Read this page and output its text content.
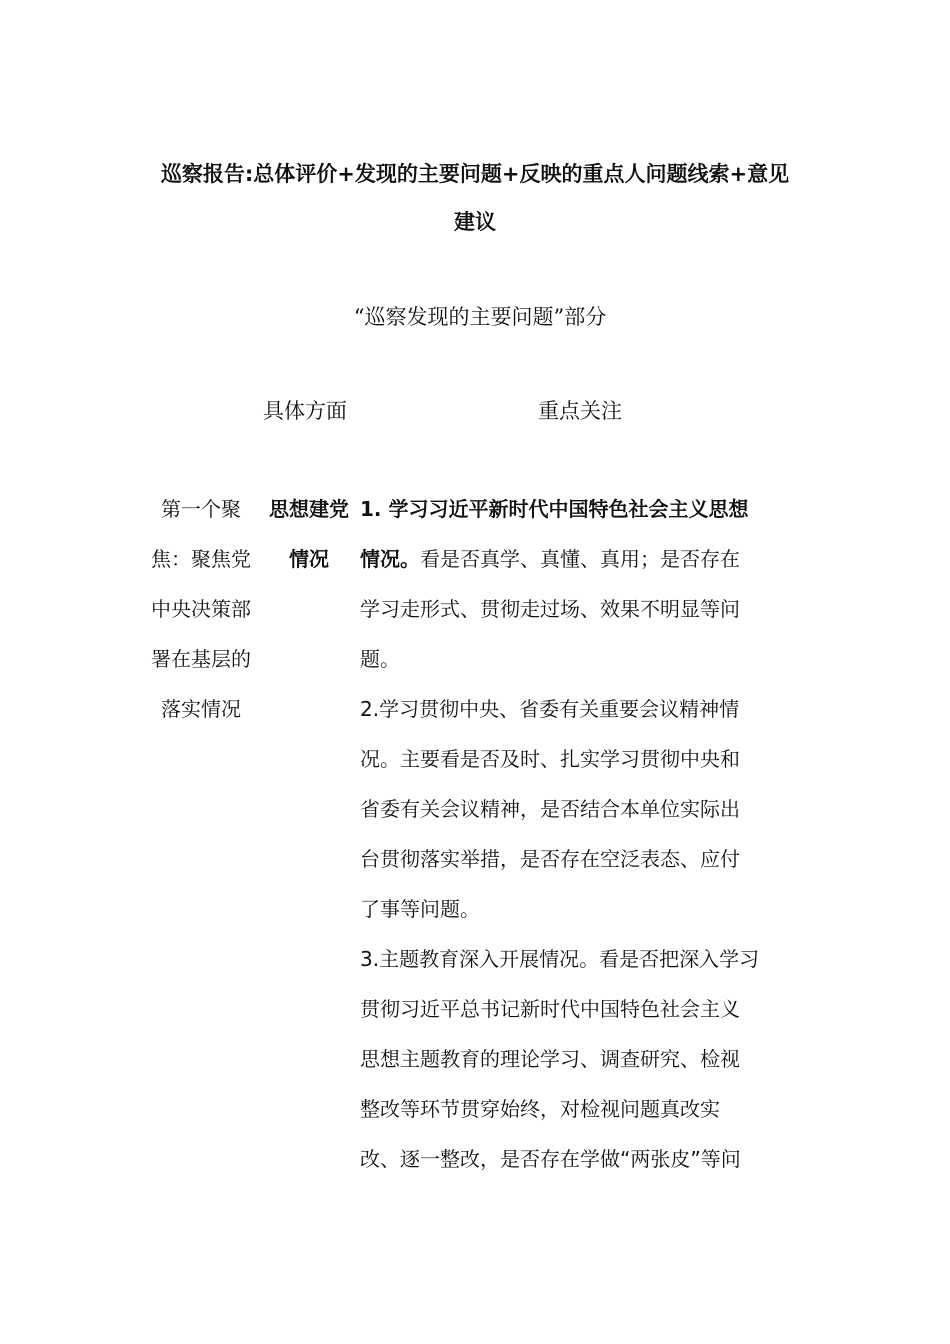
巡察报告:总体评价+发现的主要问题+反映的重点人问题线索+意见
建议
“巡察发现的主要问题”部分
具体方面	重点关注
第一个聚
焦：聚焦党
中央决策部
署在基层的
落实情况
思想建党
情况
1. 学习习近平新时代中国特色社会主义思想
情况。看是否真学、真懂、真用；是否存在
学习走形式、贯彻走过场、效果不明显等问
题。
2.学习贯彻中央、省委有关重要会议精神情
况。主要看是否及时、扎实学习贯彻中央和
省委有关会议精神，是否结合本单位实际出
台贯彻落实举措，是否存在空泛表态、应付
了事等问题。
3.主题教育深入开展情况。看是否把深入学习
贯彻习近平总书记新时代中国特色社会主义
思想主题教育的理论学习、调查研究、检视
整改等环节贯穿始终，对检视问题真改实
改、逐一整改，是否存在学做“两张皮”等问
